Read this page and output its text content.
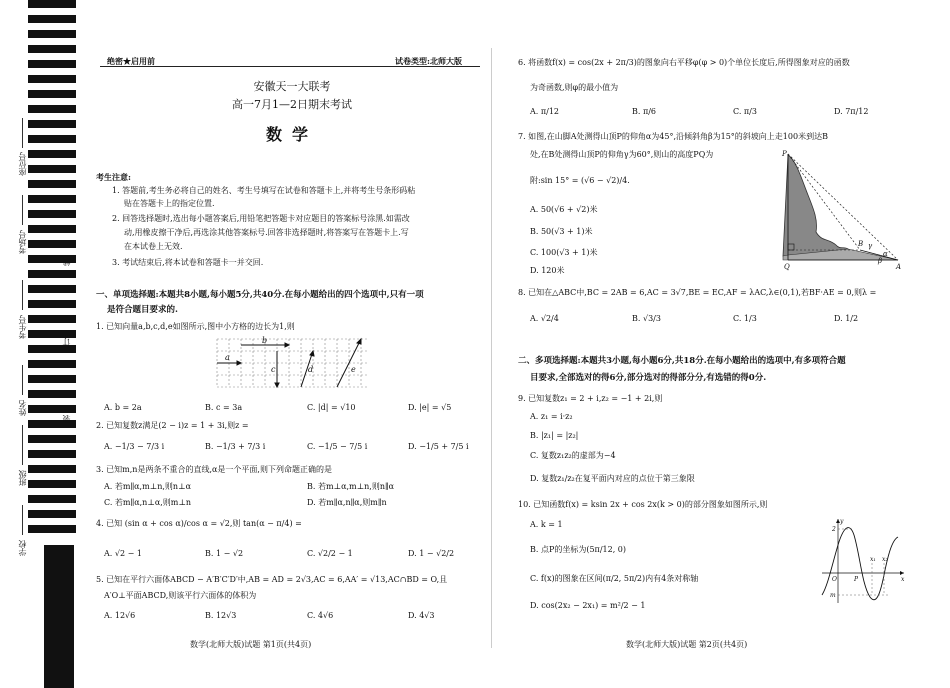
座位号
考场号
考生号
姓名
班级
学校
线
订
装
绝密★启用前	试卷类型:北师大版
安徽天一大联考
高一7月1—2日期末考试
数学
考生注意:
1. 答题前,考生务必将自己的姓名、考生号填写在试卷和答题卡上,并将考生号条形码粘
贴在答题卡上的指定位置.
2. 回答选择题时,选出每小题答案后,用铅笔把答题卡对应题目的答案标号涂黑.如需改
动,用橡皮擦干净后,再选涂其他答案标号.回答非选择题时,将答案写在答题卡上.写
在本试卷上无效.
3. 考试结束后,将本试卷和答题卡一并交回.
一、单项选择题:本题共8小题,每小题5分,共40分.在每小题给出的四个选项中,只有一项
是符合题目要求的.
1. 已知向量a,b,c,d,e如图所示,图中小方格的边长为1,则
a
b
c	d	e
A. b = 2a	B. c = 3a	C. |d| = √10	D. |e| = √5
2. 已知复数z满足(2 − i)z = 1 + 3i,则z =
A. −1/3 − 7/3 i	B. −1/3 + 7/3 i	C. −1/5 − 7/5 i	D. −1/5 + 7/5 i
3. 已知m,n是两条不重合的直线,α是一个平面,则下列命题正确的是
A. 若m∥α,m⊥n,则n⊥α	B. 若m⊥α,m⊥n,则n∥α
C. 若m∥α,n⊥α,则m⊥n	D. 若m∥α,n∥α,则m∥n
4. 已知 (sin α + cos α)/cos α = √2,则 tan(α − π/4) =
A. √2 − 1	B. 1 − √2	C. √2/2 − 1	D. 1 − √2/2
5. 已知在平行六面体ABCD − A′B′C′D′中,AB = AD = 2√3,AC = 6,AA′ = √13,AC∩BD = O,且
A′O⊥平面ABCD,则该平行六面体的体积为
A. 12√6	B. 12√3	C. 4√6	D. 4√3
数学(北师大版)试题 第1页(共4页)
6. 将函数f(x) = cos(2x + 2π/3)的图象向右平移φ(φ > 0)个单位长度后,所得图象对应的函数
为奇函数,则φ的最小值为
A. π/12	B. π/6	C. π/3	D. 7π/12
7. 如图,在山脚A处测得山顶P的仰角α为45°,沿倾斜角β为15°的斜坡向上走100米到达B
处,在B处测得山顶P的仰角γ为60°,则山的高度PQ为
附:sin 15° = (√6 − √2)/4.
A. 50(√6 + √2)米
B. 50(√3 + 1)米
C. 100(√3 + 1)米
D. 120米
P
Q	A
B
α
β
γ
8. 已知在△ABC中,BC = 2AB = 6,AC = 3√7,BE = EC,AF = λAC,λ∈(0,1),若BF·AE = 0,则λ =
A. √2/4	B. √3/3	C. 1/3	D. 1/2
二、多项选择题:本题共3小题,每小题6分,共18分.在每小题给出的选项中,有多项符合题
目要求,全部选对的得6分,部分选对的得部分分,有选错的得0分.
9. 已知复数z₁ = 2 + i,z₂ = −1 + 2i,则
A. z₁ = i·z₂
B. |z₁| = |z₂|
C. 复数z₁z₂的虚部为−4
D. 复数z₁/z₂在复平面内对应的点位于第三象限
10. 已知函数f(x) = ksin 2x + cos 2x(k > 0)的部分图象如图所示,则
A. k = 1
B. 点P的坐标为(5π/12, 0)
C. f(x)的图象在区间(π/2, 5π/2)内有4条对称轴
D. cos(2x₂ − 2x₁) = m²/2 − 1
y
x
2
O	P
x₁ x₂
m
数学(北师大版)试题 第2页(共4页)
